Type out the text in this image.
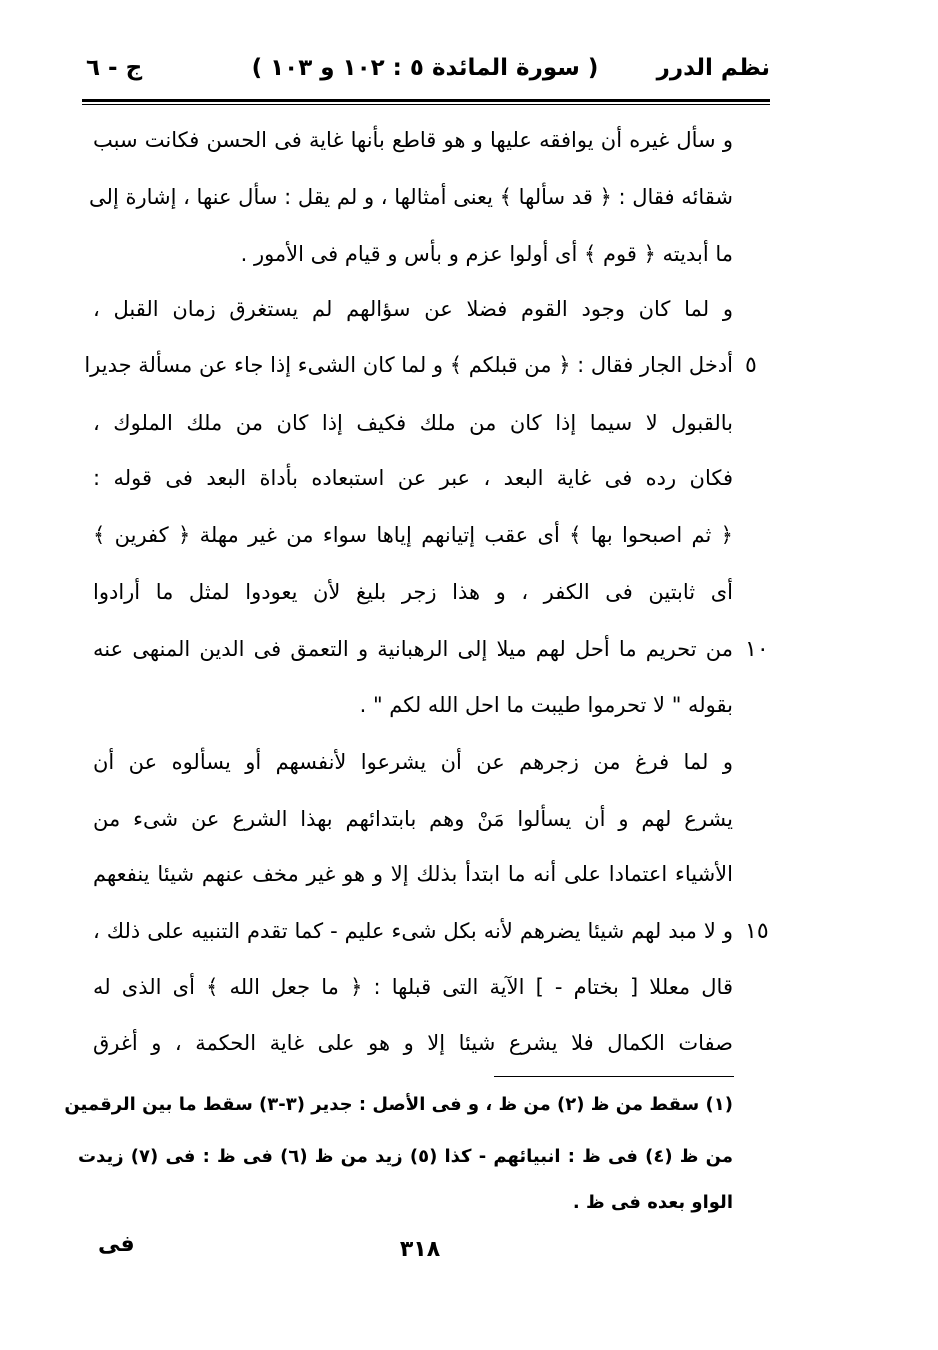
نظم الدرر
( سورة المائدة ٥ : ١٠٢ و ١٠٣ )
ج - ٦
و سأل غيره أن يوافقه عليها و هو قاطع بأنها غاية فى الحسن فكانت سبب
شقائه فقال : ﴿ قد سألها ﴾ يعنى أمثالها ، و لم يقل : سأل عنها ، إشارة إلى
ما أبديته ﴿ قوم ﴾ أى أولوا عزم و بأس و قيام فى الأمور .
و لما كان وجود القوم فضلا عن سؤالهم لم يستغرق زمان القبل ،
أدخل الجار فقال : ﴿ من قبلكم ﴾ و لما كان الشىء إذا جاء عن مسألة جديرا ٥
بالقبول لا سيما إذا كان من ملك فكيف إذا كان من ملك الملوك ،
فكان رده فى غاية البعد ، عبر عن استبعاده بأداة البعد فى قوله :
﴿ ثم اصبحوا بها ﴾ أى عقب إتيانهم إياها سواء من غير مهلة ﴿ كفرين ﴾
أى ثابتين فى الكفر ، و هذا زجر بليغ لأن يعودوا لمثل ما أرادوا
من تحريم ما أحل لهم ميلا إلى الرهبانية و التعمق فى الدين المنهى عنه ١٠
بقوله " لا تحرموا طيبت ما احل الله لكم " .
و لما فرغ من زجرهم عن أن يشرعوا لأنفسهم أو يسألوه عن أن
يشرع لهم و أن يسألوا مَنْ وهم بابتدائهم بهذا الشرع عن شىء من
الأشياء اعتمادا على أنه ما ابتدأ بذلك إلا و هو غير مخف عنهم شيئا ينفعهم
و لا مبد لهم شيئا يضرهم لأنه بكل شىء عليم - كما تقدم التنبيه على ذلك ، ١٥
قال معللا [ بختام - ] الآية التى قبلها : ﴿ ما جعل الله ﴾ أى الذى له
صفات الكمال فلا يشرع شيئا إلا و هو على غاية الحكمة ، و أغرق
(١) سقط من ظ (٢) من ظ ، و فى الأصل : جدير (٣-٣) سقط ما بين الرقمين
من ظ (٤) فى ظ : انبيائهم - كذا (٥) زيد من ظ (٦) فى ظ : فى (٧) زيدت
الواو بعده فى ظ .
٣١٨
فى
